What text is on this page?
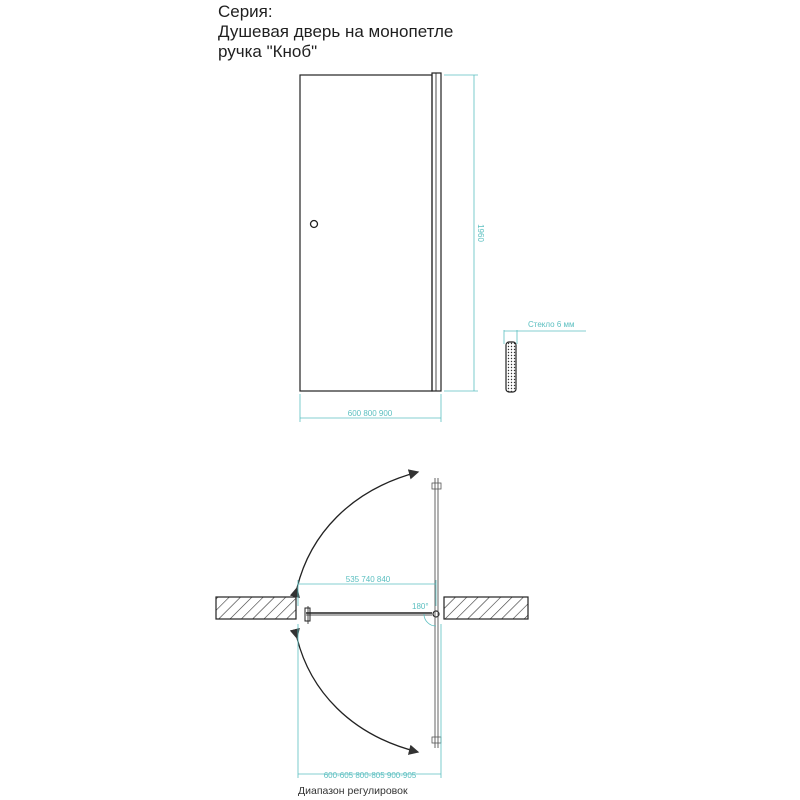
Серия:
Душевая дверь на монопетле
ручка "Кноб"
1960
600 800 900
Стекло 6 мм
180°
535 740 840
600-605 800-805 900-905
Диапазон регулировок
